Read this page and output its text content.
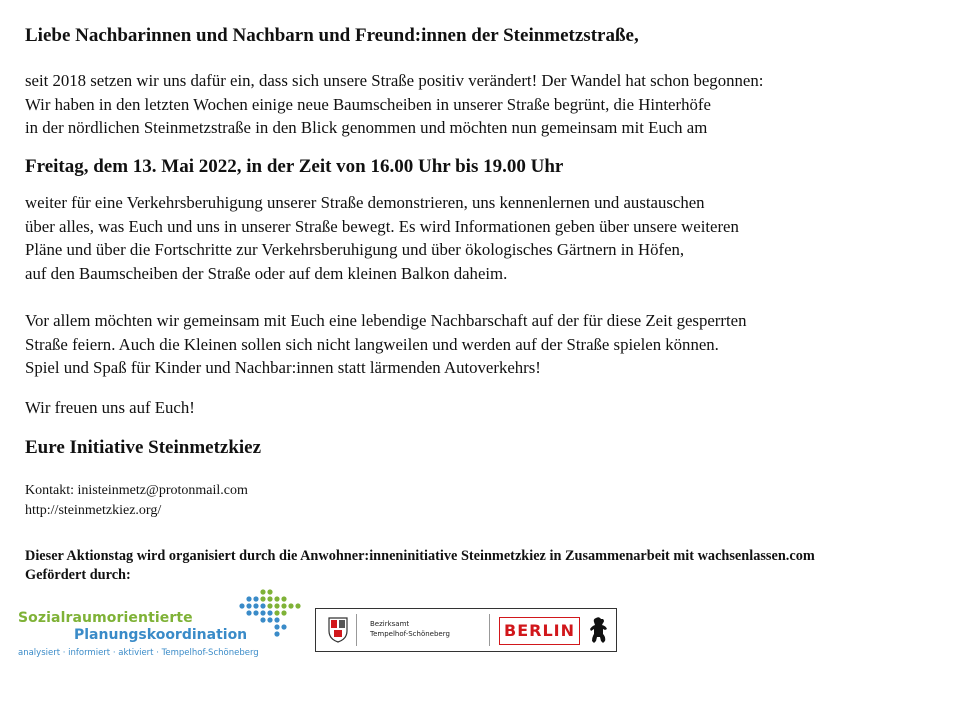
Liebe Nachbarinnen und Nachbarn und Freund:innen der Steinmetzstraße,
seit 2018 setzen wir uns dafür ein, dass sich unsere Straße positiv verändert! Der Wandel hat schon begonnen:
Wir haben in den letzten Wochen einige neue Baumscheiben in unserer Straße begrünt, die Hinterhöfe
in der nördlichen Steinmetzstraße in den Blick genommen und möchten nun gemeinsam mit Euch am
Freitag, dem 13. Mai 2022, in der Zeit von 16.00 Uhr bis 19.00 Uhr
weiter für eine Verkehrsberuhigung unserer Straße demonstrieren, uns kennenlernen und austauschen
über alles, was Euch und uns in unserer Straße bewegt. Es wird Informationen geben über unsere weiteren
Pläne und über die Fortschritte zur Verkehrsberuhigung und über ökologisches Gärtnern in Höfen,
auf den Baumscheiben der Straße oder auf dem kleinen Balkon daheim.
Vor allem möchten wir gemeinsam mit Euch eine lebendige Nachbarschaft auf der für diese Zeit gesperrten
Straße feiern. Auch die Kleinen sollen sich nicht langweilen und werden auf der Straße spielen können.
Spiel und Spaß für Kinder und Nachbar:innen statt lärmenden Autoverkehrs!
Wir freuen uns auf Euch!
Eure Initiative Steinmetzkiez
Kontakt: inisteinmetz@protonmail.com
http://steinmetzkiez.org/
Dieser Aktionstag wird organisiert durch die Anwohner:inneninitiative Steinmetzkiez in Zusammenarbeit mit wachsenlassen.com
Gefördert durch:
Sozialraumorientierte
Planungskoordination
analysiert · informiert · aktiviert · Tempelhof-Schöneberg
Bezirksamt
Tempelhof-Schöneberg	BERLIN
